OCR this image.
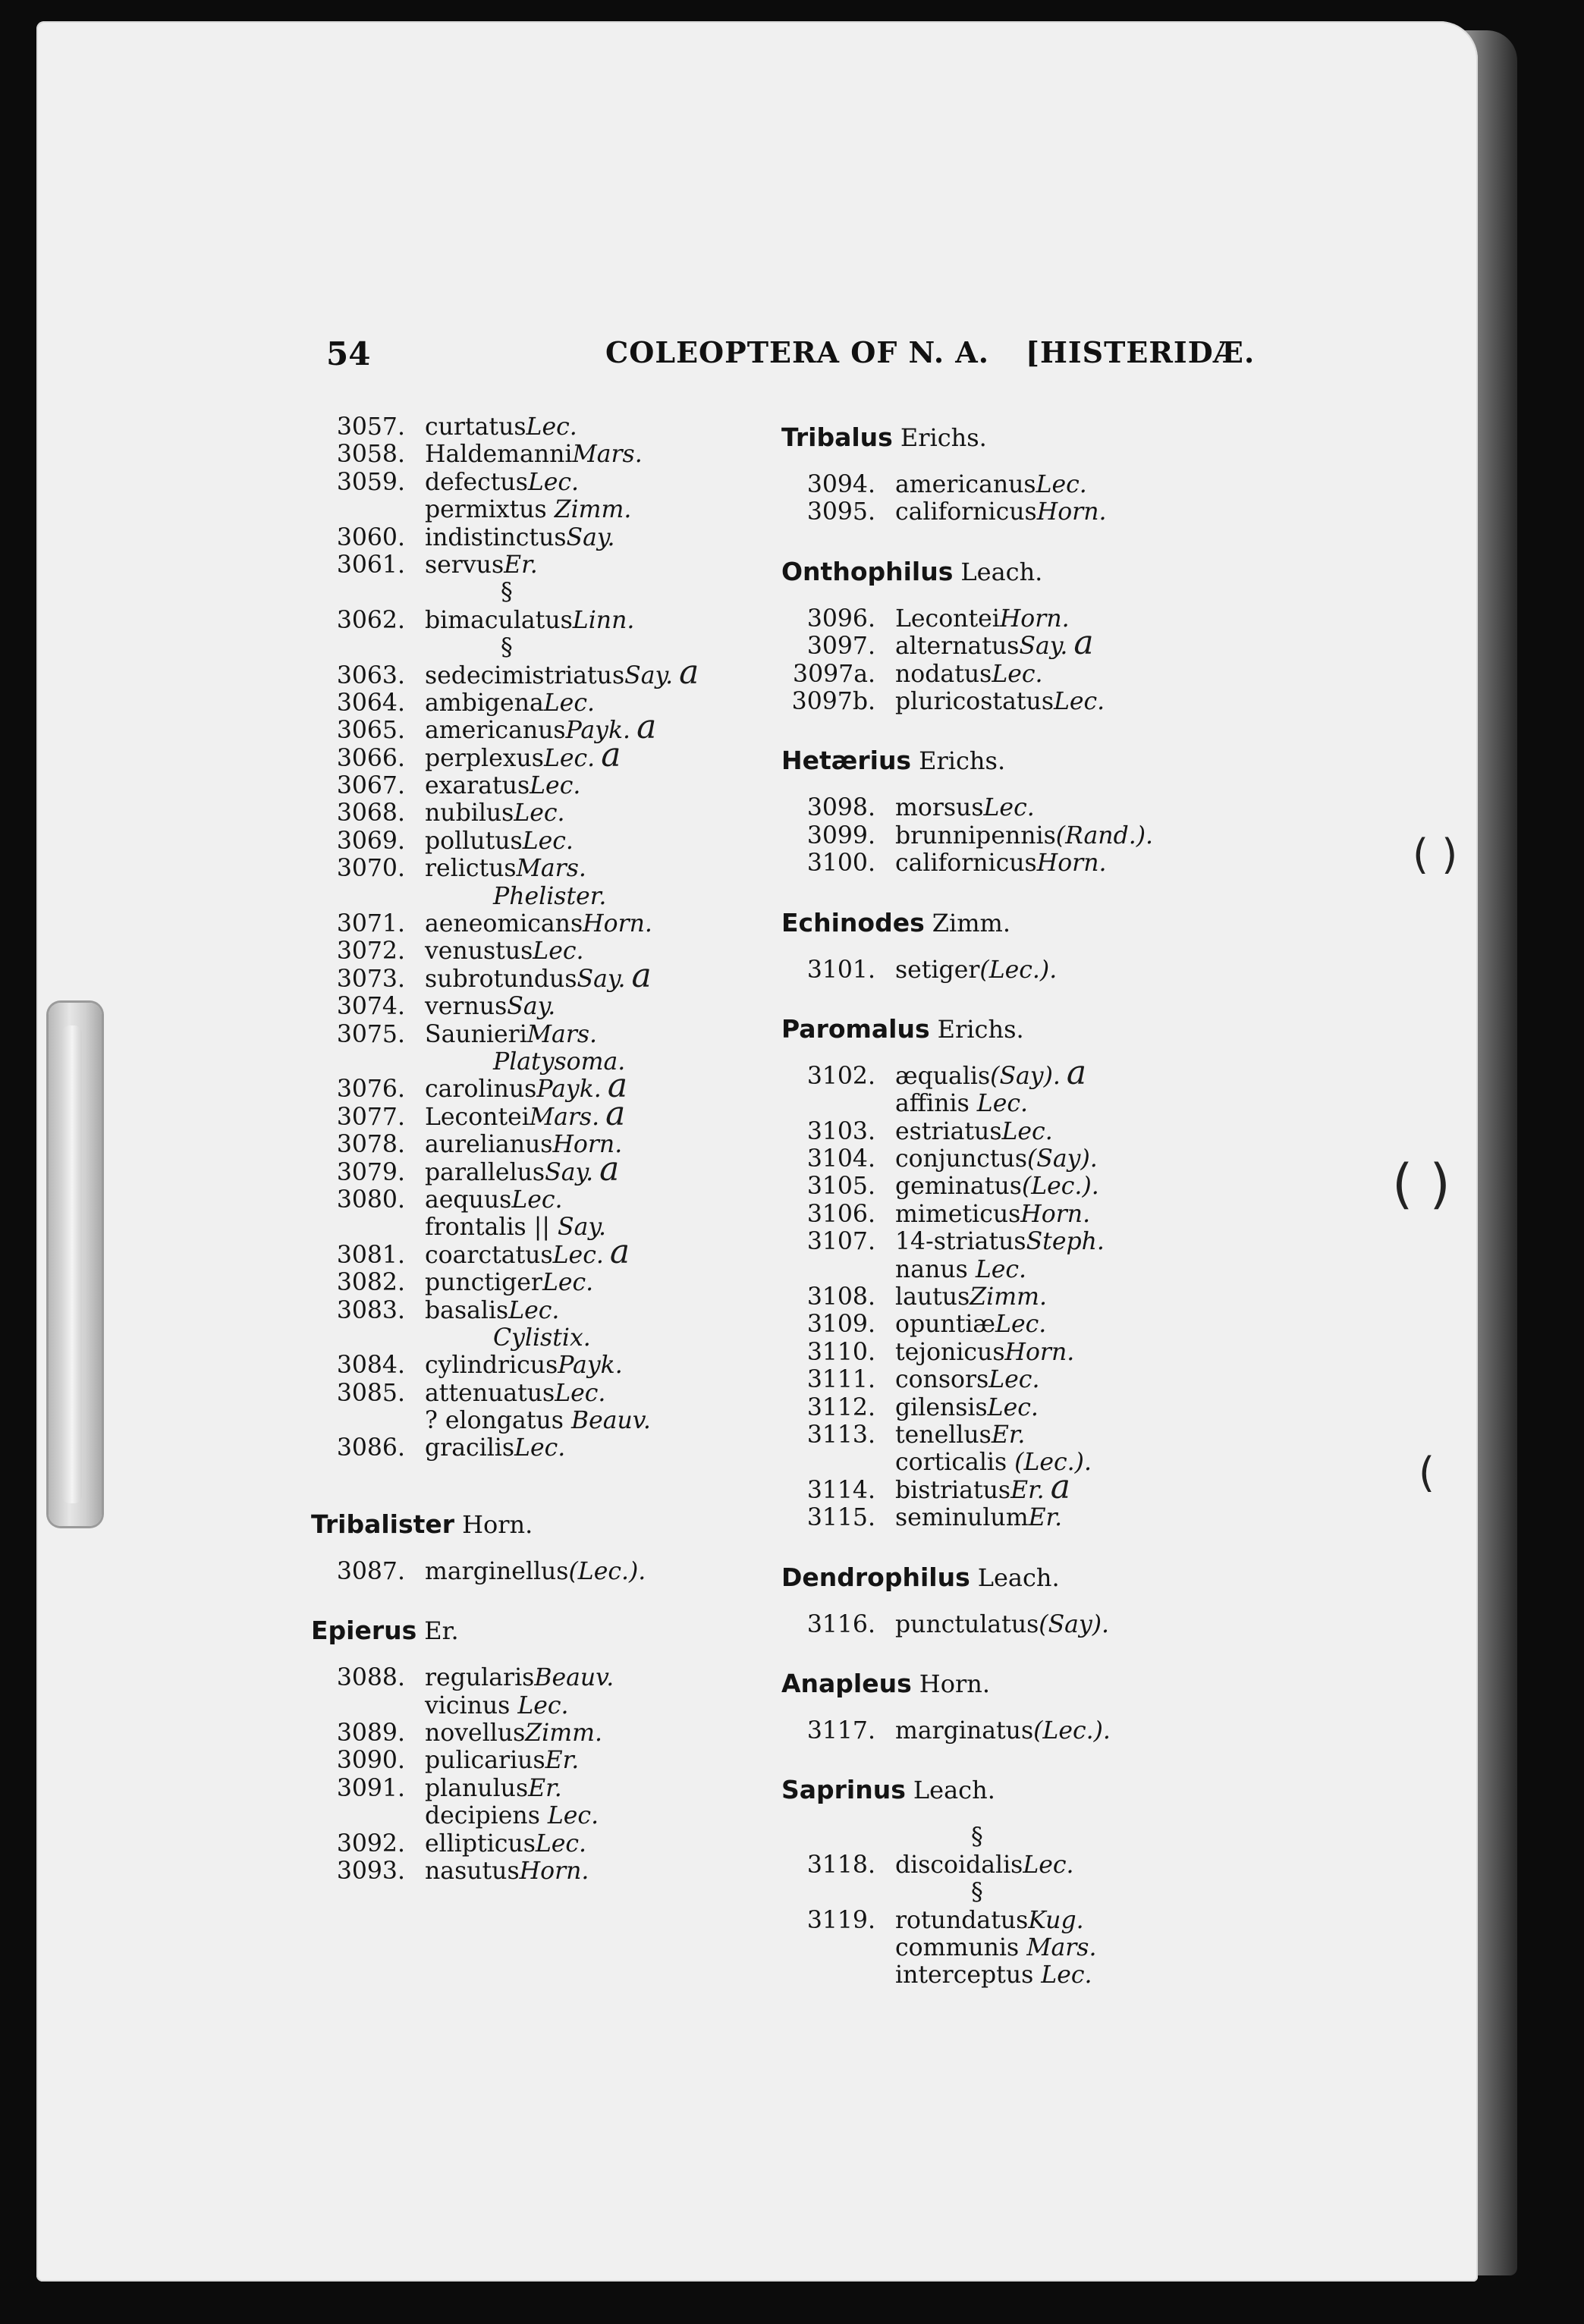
54	COLEOPTERA OF N. A. [HISTERIDÆ.
3057. curtatus Lec.
3058. Haldemanni Mars.
3059. defectus Lec.
permixtus Zimm.
3060. indistinctus Say.
3061. servus Er.
§
3062. bimaculatus Linn.
§
3063. sedecimistriatus Say.
3064. ambigena Lec.
3065. americanus Payk.
3066. perplexus Lec.
3067. exaratus Lec.
3068. nubilus Lec.
3069. pollutus Lec.
3070. relictus Mars.
Phelister.
3071. aeneomicans Horn.
3072. venustus Lec.
3073. subrotundus Say.
3074. vernus Say.
3075. Saunieri Mars.
Platysoma.
3076. carolinus Payk.
3077. Lecontei Mars.
3078. aurelianus Horn.
3079. parallelus Say.
3080. aequus Lec.
frontalis || Say.
3081. coarctatus Lec.
3082. punctiger Lec.
3083. basalis Lec.
Cylistix.
3084. cylindricus Payk.
3085. attenuatus Lec.
? elongatus Beauv.
3086. gracilis Lec.
Tribalister Horn.
3087. marginellus (Lec.).
Epierus Er.
3088. regularis Beauv.
vicinus Lec.
3089. novellus Zimm.
3090. pulicarius Er.
3091. planulus Er.
decipiens Lec.
3092. ellipticus Lec.
3093. nasutus Horn.
Tribalus Erichs.
3094. americanus Lec.
3095. californicus Horn.
Onthophilus Leach.
3096. Lecontei Horn.
3097. alternatus Say.
3097a. nodatus Lec.
3097b. pluricostatus Lec.
Hetærius Erichs.
3098. morsus Lec.
3099. brunnipennis (Rand.).
3100. californicus Horn.
Echinodes Zimm.
3101. setiger (Lec.).
Paromalus Erichs.
3102. æqualis (Say).
affinis Lec.
3103. estriatus Lec.
3104. conjunctus (Say).
3105. geminatus (Lec.).
3106. mimeticus Horn.
3107. 14-striatus Steph.
nanus Lec.
3108. lautus Zimm.
3109. opuntiæ Lec.
3110. tejonicus Horn.
3111. consors Lec.
3112. gilensis Lec.
3113. tenellus Er.
corticalis (Lec.).
3114. bistriatus Er.
3115. seminulum Er.
Dendrophilus Leach.
3116. punctulatus (Say).
Anapleus Horn.
3117. marginatus (Lec.).
Saprinus Leach.
§
3118. discoidalis Lec.
§
3119. rotundatus Kug.
communis Mars.
interceptus Lec.
a
a
a
a
a
a
a
a
a
a
a
( )
( )
(
